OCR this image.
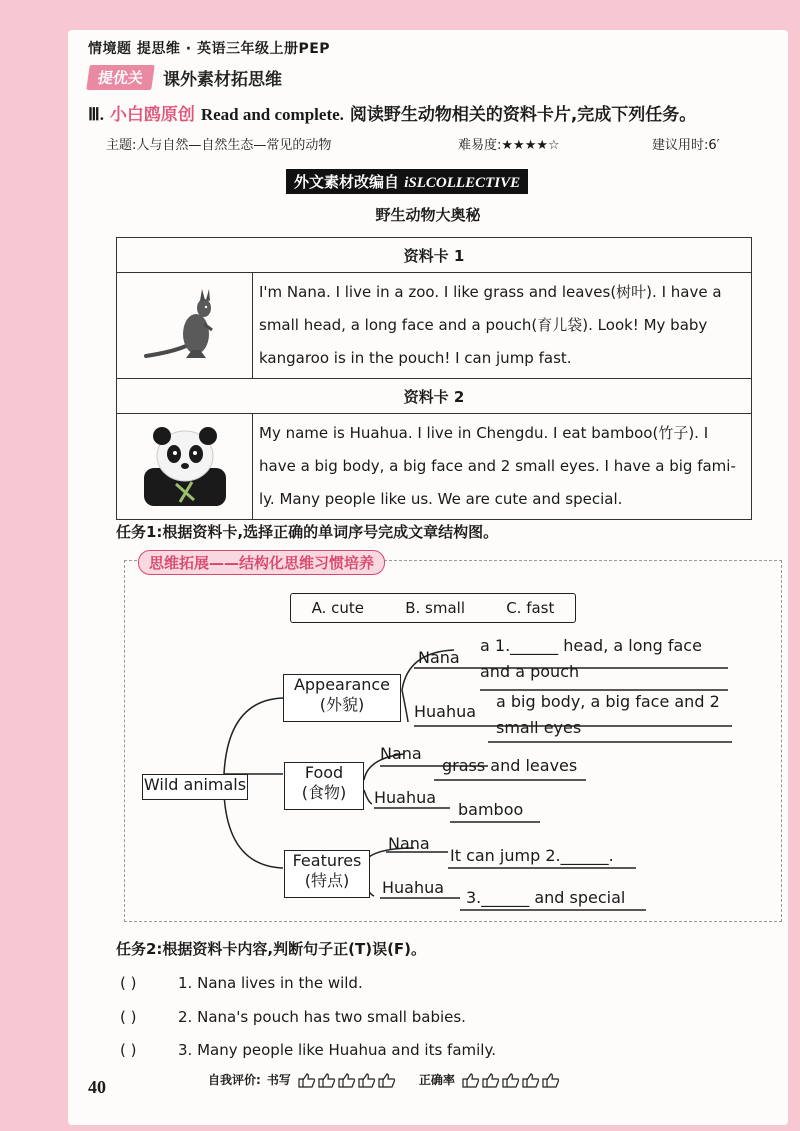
情境题 提思维 · 英语三年级上册PEP
提优关	课外素材拓思维
Ⅲ. 小白鸥原创 Read and complete. 阅读野生动物相关的资料卡片,完成下列任务。
主题:人与自然—自然生态—常见的动物	难易度:★★★★☆	建议用时:6′
外文素材改编自 iSLCOLLECTIVE
野生动物大奥秘
资料卡 1	

I'm Nana. I live in a zoo. I like grass and leaves(树叶). I have a
small head, a long face and a pouch(育儿袋). Look! My baby
kangaroo is in the pouch! I can jump fast.

资料卡 2	

My name is Huahua. I live in Chengdu. I eat bamboo(竹子). I
have a big body, a big face and 2 small eyes. I have a big fami-
ly. Many people like us. We are cute and special.
任务1:根据资料卡,选择正确的单词序号完成文章结构图。
思维拓展——结构化思维习惯培养
A. cute	B. small	C. fast
Wild animals
Appearance
(外貌)
Food
(食物)
Features
(特点)
Nana
a 1.______ head, a long face
and a pouch
Huahua
a big body, a big face and 2
small eyes
Nana
grass and leaves
Huahua
bamboo
Nana
It can jump 2.______.
Huahua
3.______ and special
任务2:根据资料卡内容,判断句子正(T)误(F)。
( )	1. Nana lives in the wild.
( )	2. Nana's pouch has two small babies.
( )	3. Many people like Huahua and its family.
40	自我评价: 书写	正确率
